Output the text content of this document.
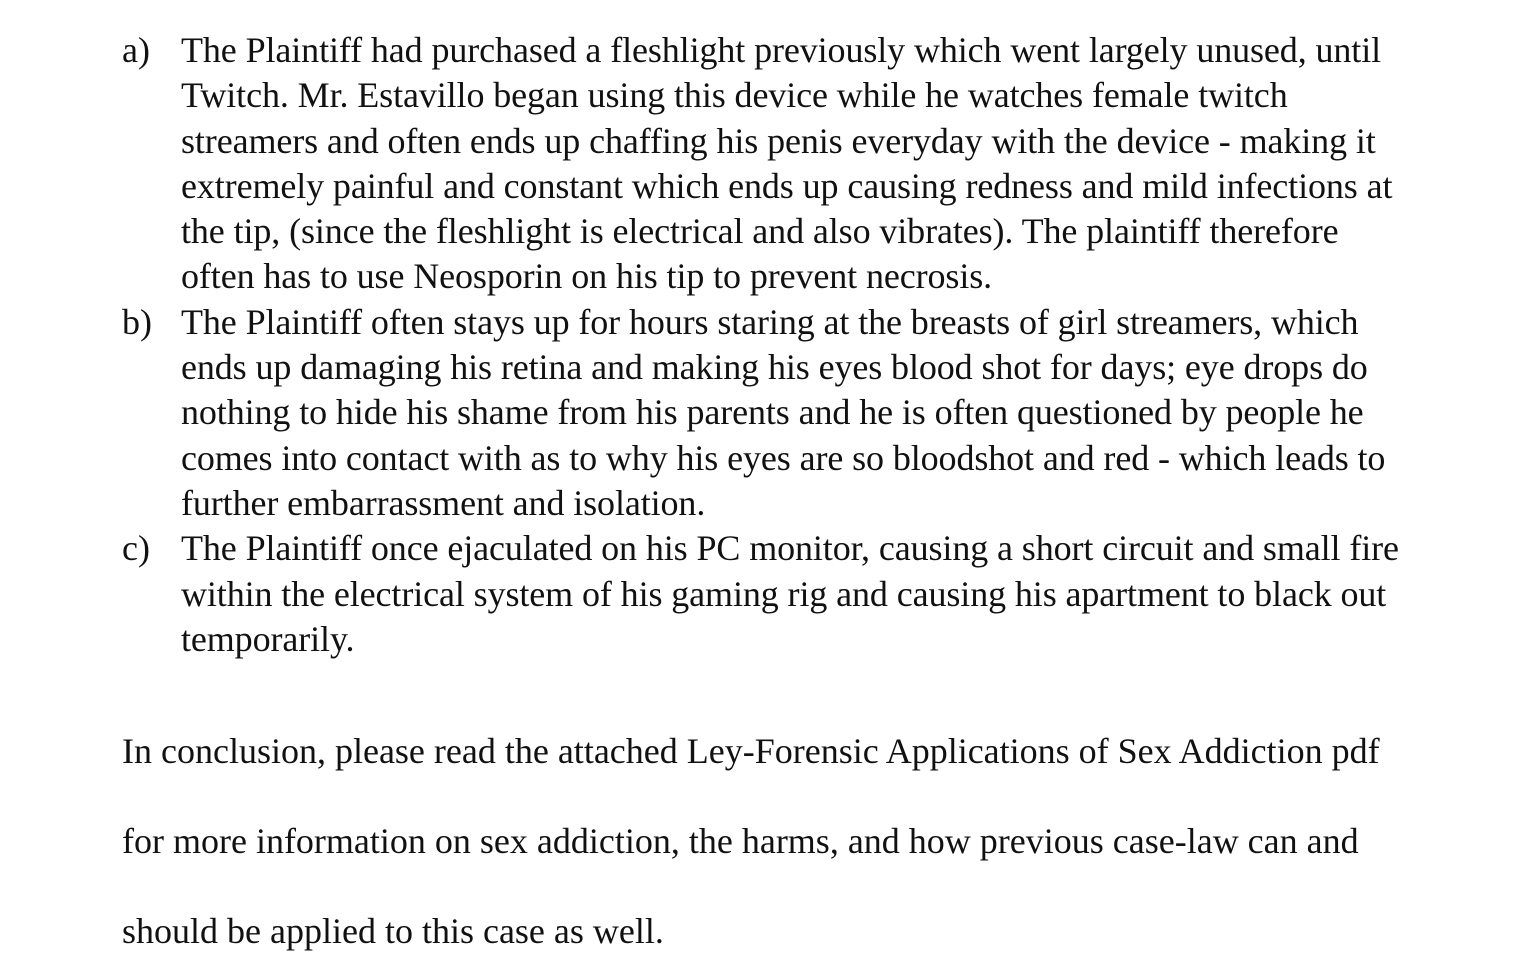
a) The Plaintiff had purchased a fleshlight previously which went largely unused, until
Twitch. Mr. Estavillo began using this device while he watches female twitch
streamers and often ends up chaffing his penis everyday with the device - making it
extremely painful and constant which ends up causing redness and mild infections at
the tip, (since the fleshlight is electrical and also vibrates). The plaintiff therefore
often has to use Neosporin on his tip to prevent necrosis.
b) The Plaintiff often stays up for hours staring at the breasts of girl streamers, which
ends up damaging his retina and making his eyes blood shot for days; eye drops do
nothing to hide his shame from his parents and he is often questioned by people he
comes into contact with as to why his eyes are so bloodshot and red - which leads to
further embarrassment and isolation.
c) The Plaintiff once ejaculated on his PC monitor, causing a short circuit and small fire
within the electrical system of his gaming rig and causing his apartment to black out
temporarily.
In conclusion, please read the attached Ley-Forensic Applications of Sex Addiction pdf
for more information on sex addiction, the harms, and how previous case-law can and
should be applied to this case as well.
